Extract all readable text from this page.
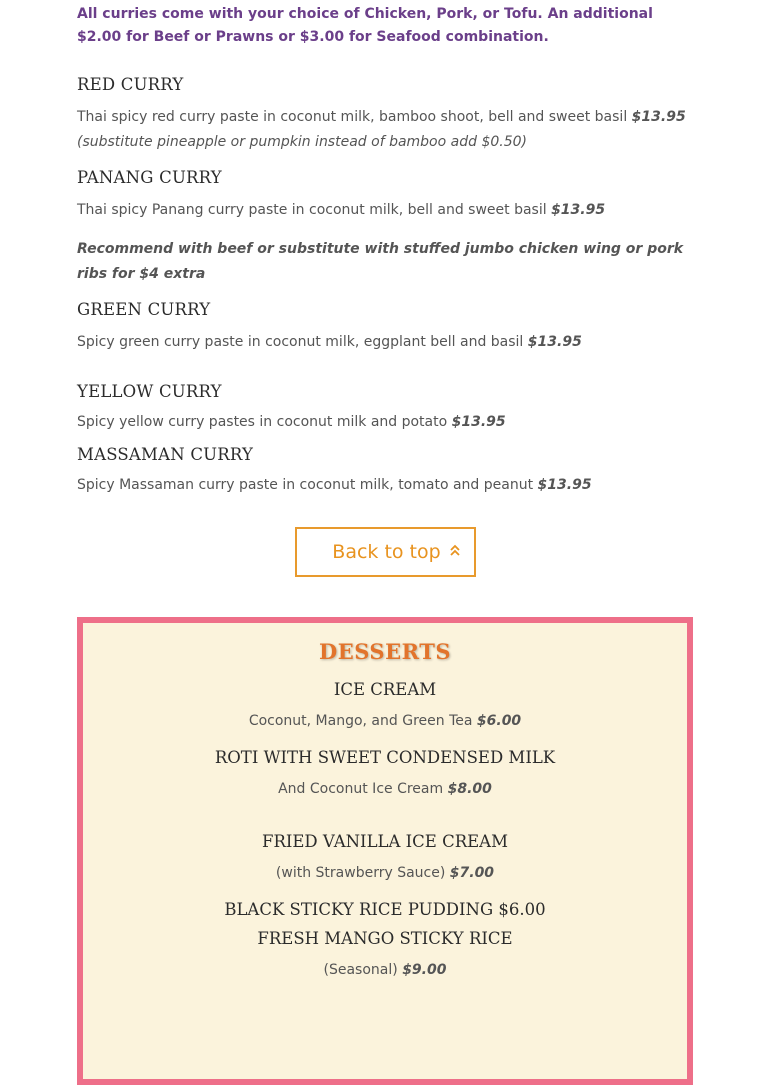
All curries come with your choice of Chicken, Pork, or Tofu. An additional $2.00 for Beef or Prawns or $3.00 for Seafood combination.
RED CURRY

Thai spicy red curry paste in coconut milk, bamboo shoot, bell and sweet basil $13.95
(substitute pineapple or pumpkin instead of bamboo add $0.50)

PANANG CURRY

Thai spicy Panang curry paste in coconut milk, bell and sweet basil $13.95

Recommend with beef or substitute with stuffed jumbo chicken wing or pork ribs for $4 extra

GREEN CURRY

Spicy green curry paste in coconut milk, eggplant bell and basil $13.95

YELLOW CURRY

Spicy yellow curry pastes in coconut milk and potato $13.95

MASSAMAN CURRY

Spicy Massaman curry paste in coconut milk, tomato and peanut $13.95

Back to top
DESSERTS
ICE CREAM

Coconut, Mango, and Green Tea $6.00

ROTI WITH SWEET CONDENSED MILK

And Coconut Ice Cream $8.00

FRIED VANILLA ICE CREAM

(with Strawberry Sauce) $7.00

BLACK STICKY RICE PUDDING $6.00
FRESH MANGO STICKY RICE

(Seasonal) $9.00
